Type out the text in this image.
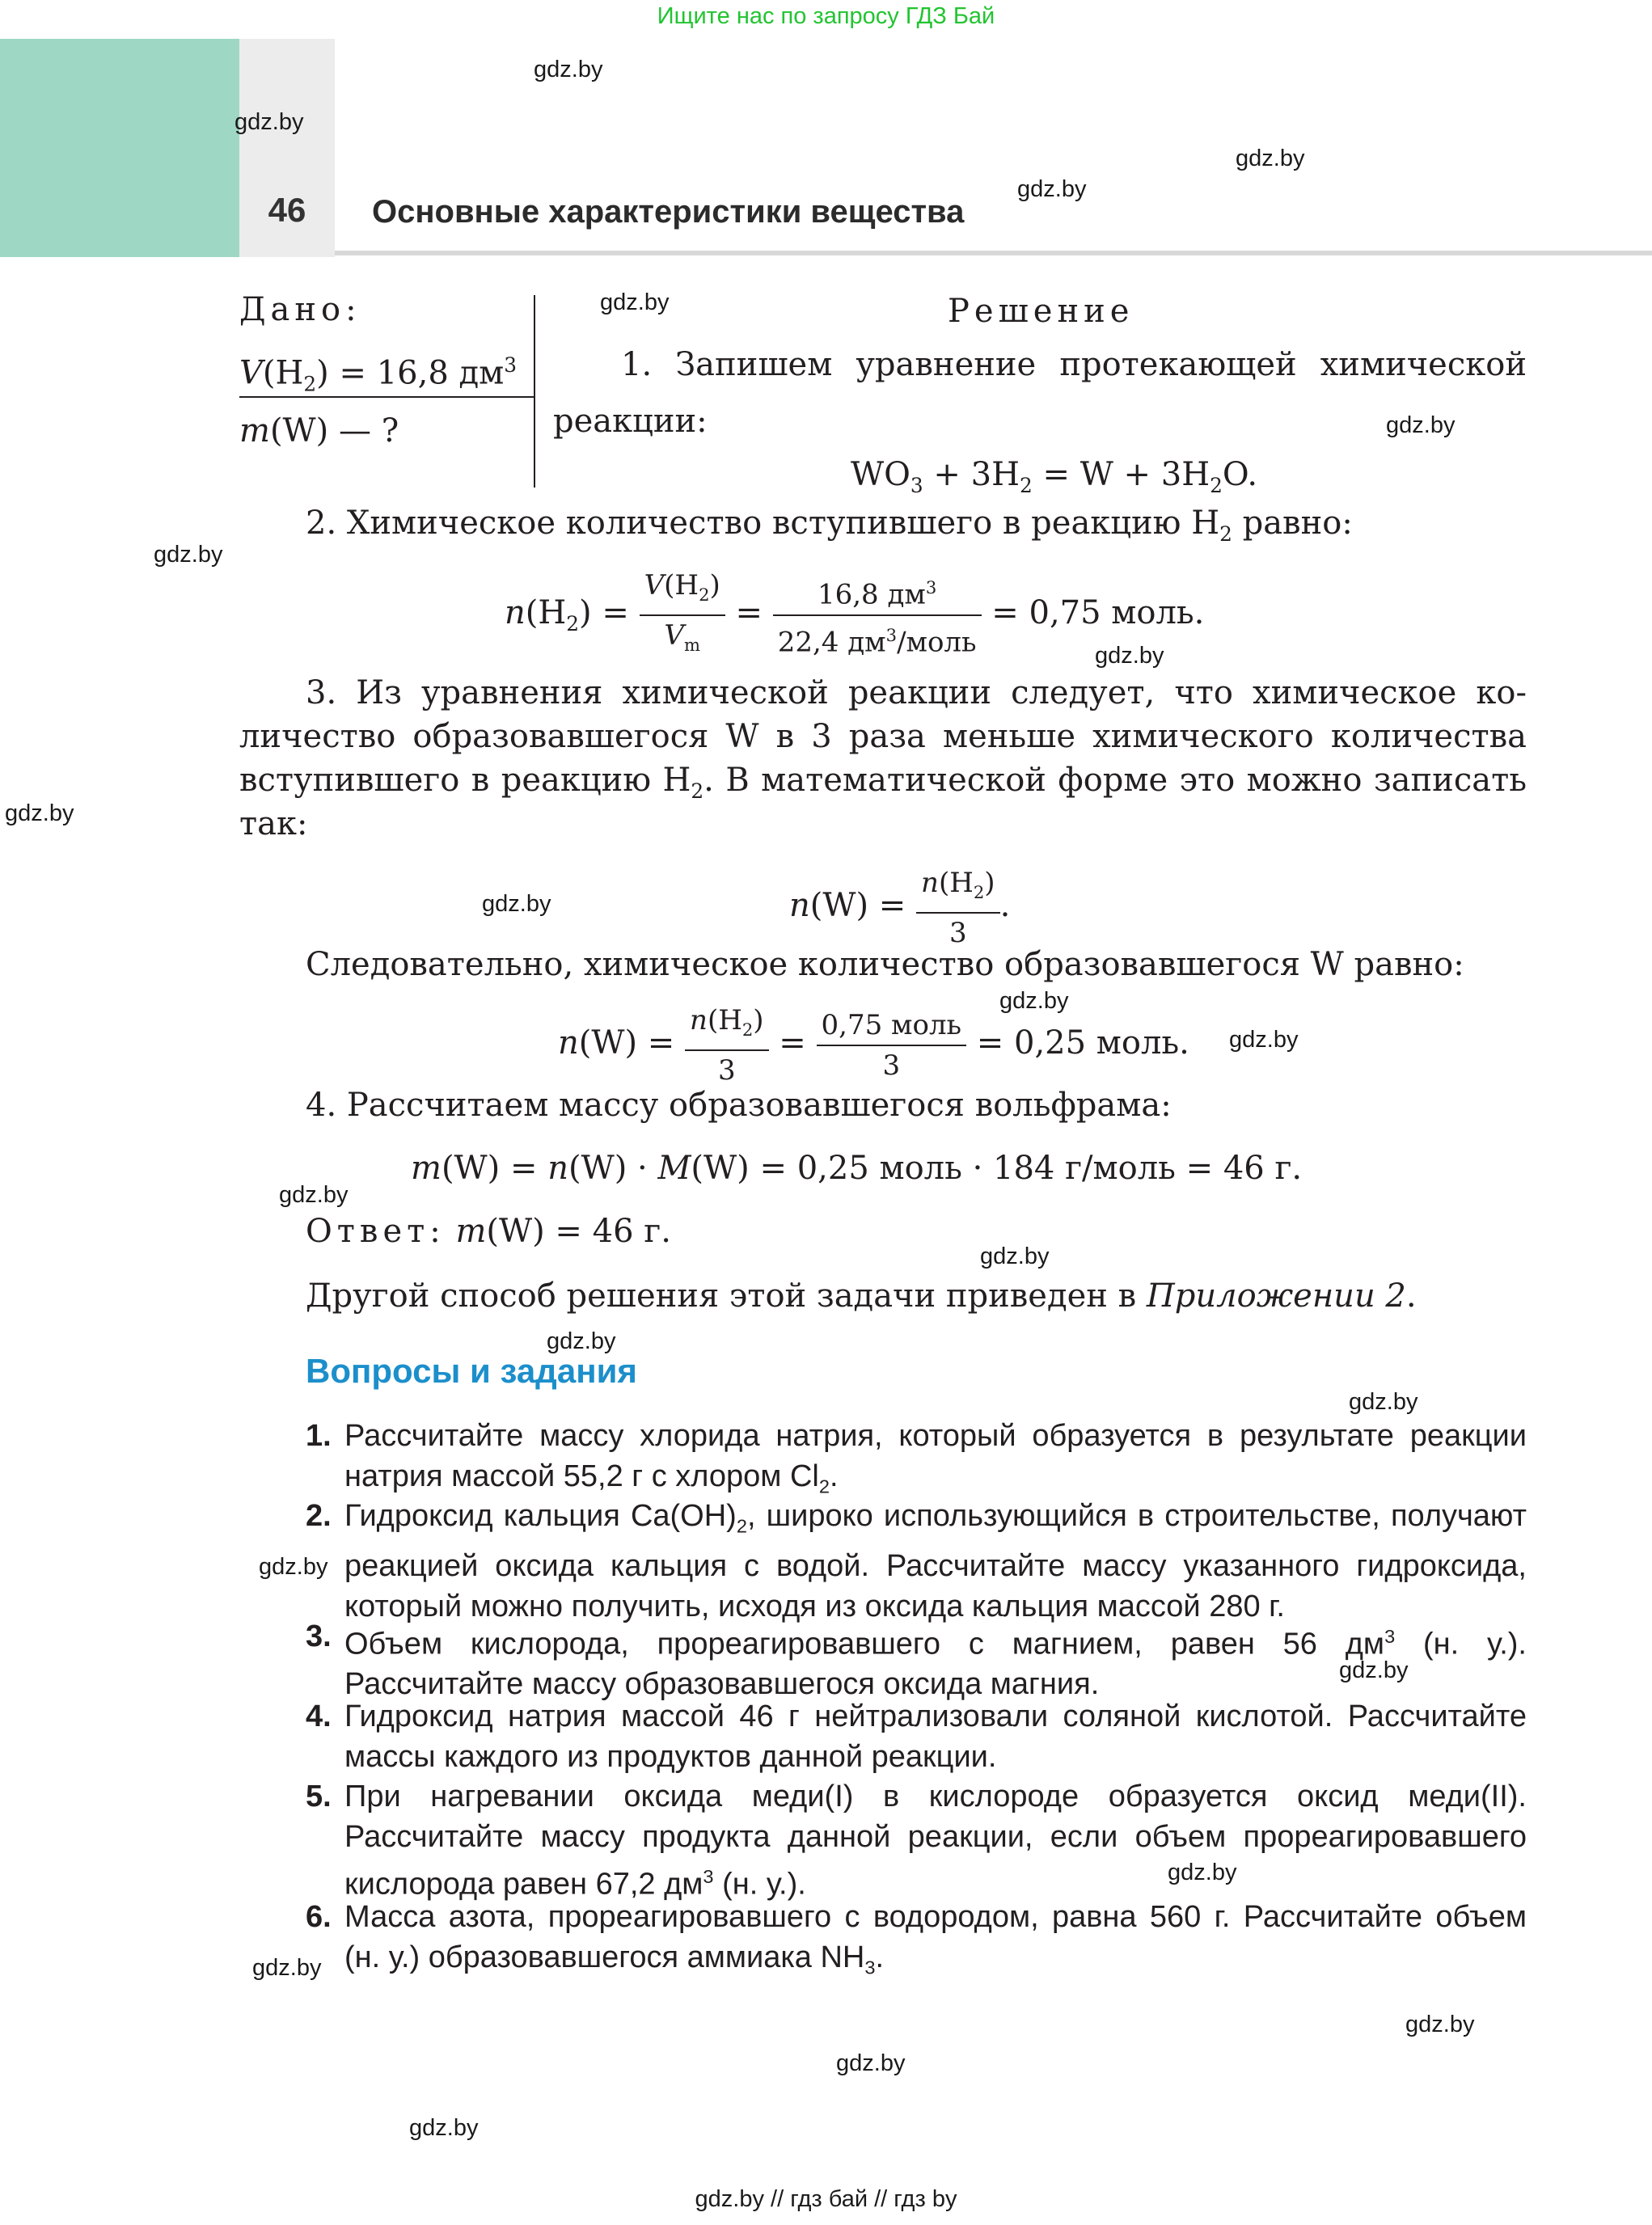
Ищите нас по запросу ГДЗ Бай
46	Основные характеристики вещества
gdz.by
gdz.by
gdz.by
gdz.by
gdz.by
gdz.by
gdz.by
gdz.by
gdz.by
gdz.by
gdz.by
gdz.by
gdz.by
gdz.by
gdz.by
gdz.by
gdz.by
gdz.by
gdz.by
gdz.by
gdz.by
gdz.by
gdz.by
Дано:
$V(H_2) = 16,8$ $дм^3$
m(W) — ?
Решение
1. Запишем уравнение протекающей химической
реакции:
$WO_3 + 3H_2 = W + 3H_2O$.
2. Химическое количество вступившего в реакцию $H_2$ равно:
$n(H_2) = \frac{V(H_2)}{V_m} = \frac{16,8 дм^3}{22,4 дм^3/моль} = 0,75$ моль.
3. Из уравнения химической реакции следует, что химическое ко-
личество образовавшегося W в 3 раза меньше химического количества
вступившего в реакцию $H_2$. В математической форме это можно записать
так:
$n(W) = \frac{n(H_2)}{3}$ .
Следовательно, химическое количество образовавшегося W равно:
$n(W) = \frac{n(H_2)}{3} = \frac{\text{0,75 моль}}{3} = 0,25$ моль.
4. Рассчитаем массу образовавшегося вольфрама:
m(W) = n(W) · M(W) = 0,25 моль · 184 г/моль = 46 г.
Ответ: m(W) = 46 г.
Другой способ решения этой задачи приведен в Приложении 2.
Вопросы и задания
1. Рассчитайте массу хлорида натрия, который образуется в результате реакции натрия массой 55,2 г с хлором $Cl_2$.
2. Гидроксид кальция $Ca(OH)_2$, широко использующийся в строительстве, получают реакцией оксида кальция с водой. Рассчитайте массу указанного гидроксида, который можно получить, исходя из оксида кальция массой 280 г.
3. Объем кислорода, прореагировавшего с магнием, равен 56 $дм^3$ (н. у.). Рассчитайте массу образовавшегося оксида магния.
4. Гидроксид натрия массой 46 г нейтрализовали соляной кислотой. Рассчитайте массы каждого из продуктов данной реакции.
5. При нагревании оксида меди(I) в кислороде образуется оксид меди(II). Рассчитайте массу продукта данной реакции, если объем прореагировавшего кислорода равен 67,2 $дм^3$ (н. у.).
6. Масса азота, прореагировавшего с водородом, равна 560 г. Рассчитайте объем (н. у.) образовавшегося аммиака $NH_3$.
gdz.by // гдз бай // гдз by
